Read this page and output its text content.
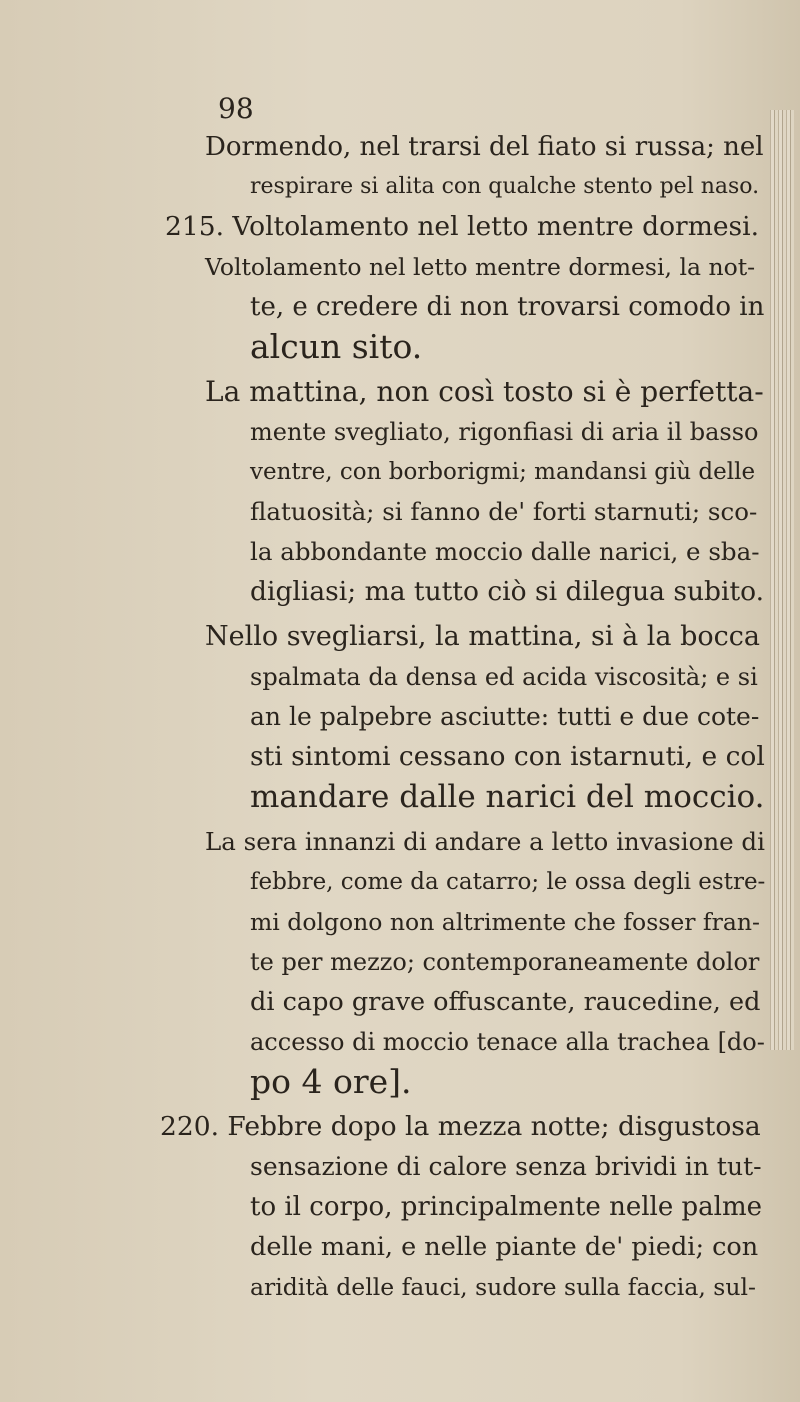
98
Dormendo, nel trarsi del fiato si russa; nel
respirare si alita con qualche stento pel naso.
215. Voltolamento nel letto mentre dormesi.
Voltolamento nel letto mentre dormesi, la not-
te, e credere di non trovarsi comodo in
alcun sito.
La mattina, non così tosto si è perfetta-
mente svegliato, rigonfiasi di aria il basso
ventre, con borborigmi; mandansi giù delle
flatuosità; si fanno de' forti starnuti; sco-
la abbondante moccio dalle narici, e sba-
digliasi; ma tutto ciò si dilegua subito.
Nello svegliarsi, la mattina, si à la bocca
spalmata da densa ed acida viscosità; e si
an le palpebre asciutte: tutti e due cote-
sti sintomi cessano con istarnuti, e col
mandare dalle narici del moccio.
La sera innanzi di andare a letto invasione di
febbre, come da catarro; le ossa degli estre-
mi dolgono non altrimente che fosser fran-
te per mezzo; contemporaneamente dolor
di capo grave offuscante, raucedine, ed
accesso di moccio tenace alla trachea [do-
po 4 ore].
220. Febbre dopo la mezza notte; disgustosa
sensazione di calore senza brividi in tut-
to il corpo, principalmente nelle palme
delle mani, e nelle piante de' piedi; con
aridità delle fauci, sudore sulla faccia, sul-
